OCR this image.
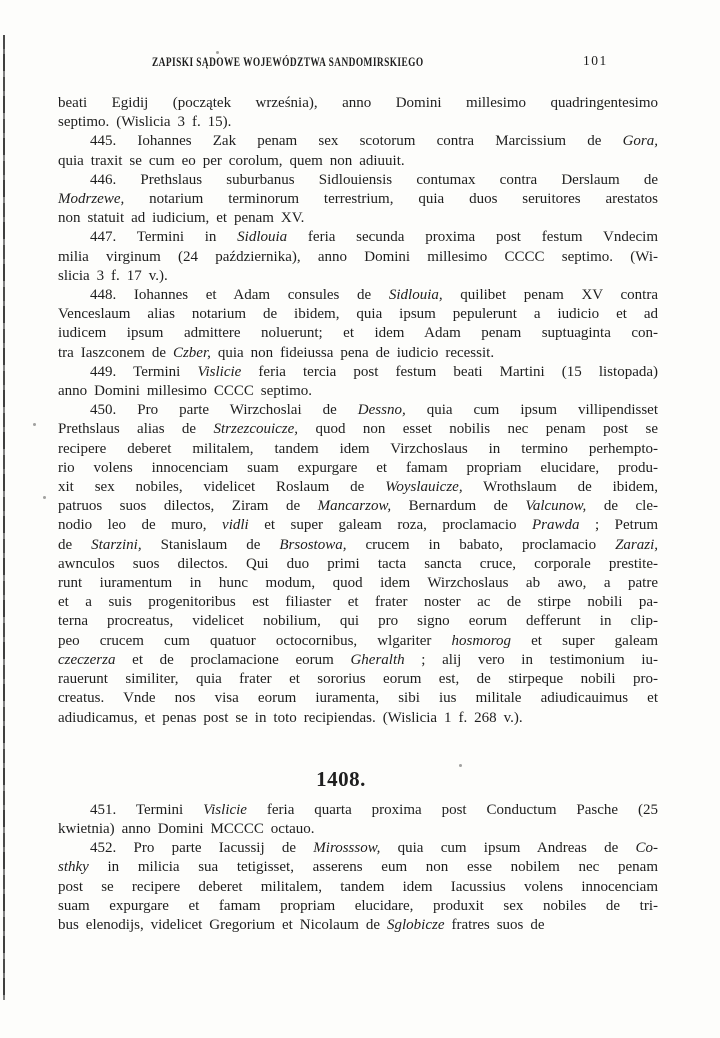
ZAPISKI SĄDOWE WOJEWÓDZTWA SANDOMIRSKIEGO	101
beati Egidij (początek września), anno Domini millesimo quadringentesimo
septimo. (Wislicia 3 f. 15).
445. Iohannes Zak penam sex scotorum contra Marcissium de Gora,
quia traxit se cum eo per corolum, quem non adiuuit.
446. Prethslaus suburbanus Sidlouiensis contumax contra Derslaum de
Modrzewe, notarium terminorum terrestrium, quia duos seruitores arestatos
non statuit ad iudicium, et penam XV.
447. Termini in Sidlouia feria secunda proxima post festum Vndecim
milia virginum (24 października), anno Domini millesimo CCCC septimo. (Wi-
slicia 3 f. 17 v.).
448. Iohannes et Adam consules de Sidlouia, quilibet penam XV contra
Venceslaum alias notarium de ibidem, quia ipsum pepulerunt a iudicio et ad
iudicem ipsum admittere noluerunt; et idem Adam penam suptuaginta con-
tra Iaszconem de Czber, quia non fideiussa pena de iudicio recessit.
449. Termini Vislicie feria tercia post festum beati Martini (15 listopada)
anno Domini millesimo CCCC septimo.
450. Pro parte Wirzchoslai de Dessno, quia cum ipsum villipendisset
Prethslaus alias de Strzezcouicze, quod non esset nobilis nec penam post se
recipere deberet militalem, tandem idem Virzchoslaus in termino perhempto-
rio volens innocenciam suam expurgare et famam propriam elucidare, produ-
xit sex nobiles, videlicet Roslaum de Woyslauicze, Wrothslaum de ibidem,
patruos suos dilectos, Ziram de Mancarzow, Bernardum de Valcunow, de cle-
nodio leo de muro, vidli et super galeam roza, proclamacio Prawda ; Petrum
de Starzini, Stanislaum de Brsostowa, crucem in babato, proclamacio Zarazi,
awnculos suos dilectos. Qui duo primi tacta sancta cruce, corporale prestite-
runt iuramentum in hunc modum, quod idem Wirzchoslaus ab awo, a patre
et a suis progenitoribus est filiaster et frater noster ac de stirpe nobili pa-
terna procreatus, videlicet nobilium, qui pro signo eorum defferunt in clip-
peo crucem cum quatuor octocornibus, wlgariter hosmorog et super galeam
czeczerza et de proclamacione eorum Gheralth ; alij vero in testimonium iu-
rauerunt similiter, quia frater et sororius eorum est, de stirpeque nobili pro-
creatus. Vnde nos visa eorum iuramenta, sibi ius militale adiudicauimus et
adiudicamus, et penas post se in toto recipiendas. (Wislicia 1 f. 268 v.).
1408.
451. Termini Vislicie feria quarta proxima post Conductum Pasche (25
kwietnia) anno Domini MCCCC octauo.
452. Pro parte Iacussij de Mirosssow, quia cum ipsum Andreas de Co-
sthky in milicia sua tetigisset, asserens eum non esse nobilem nec penam
post se recipere deberet militalem, tandem idem Iacussius volens innocenciam
suam expurgare et famam propriam elucidare, produxit sex nobiles de tri-
bus elenodijs, videlicet Gregorium et Nicolaum de Sglobicze fratres suos de
